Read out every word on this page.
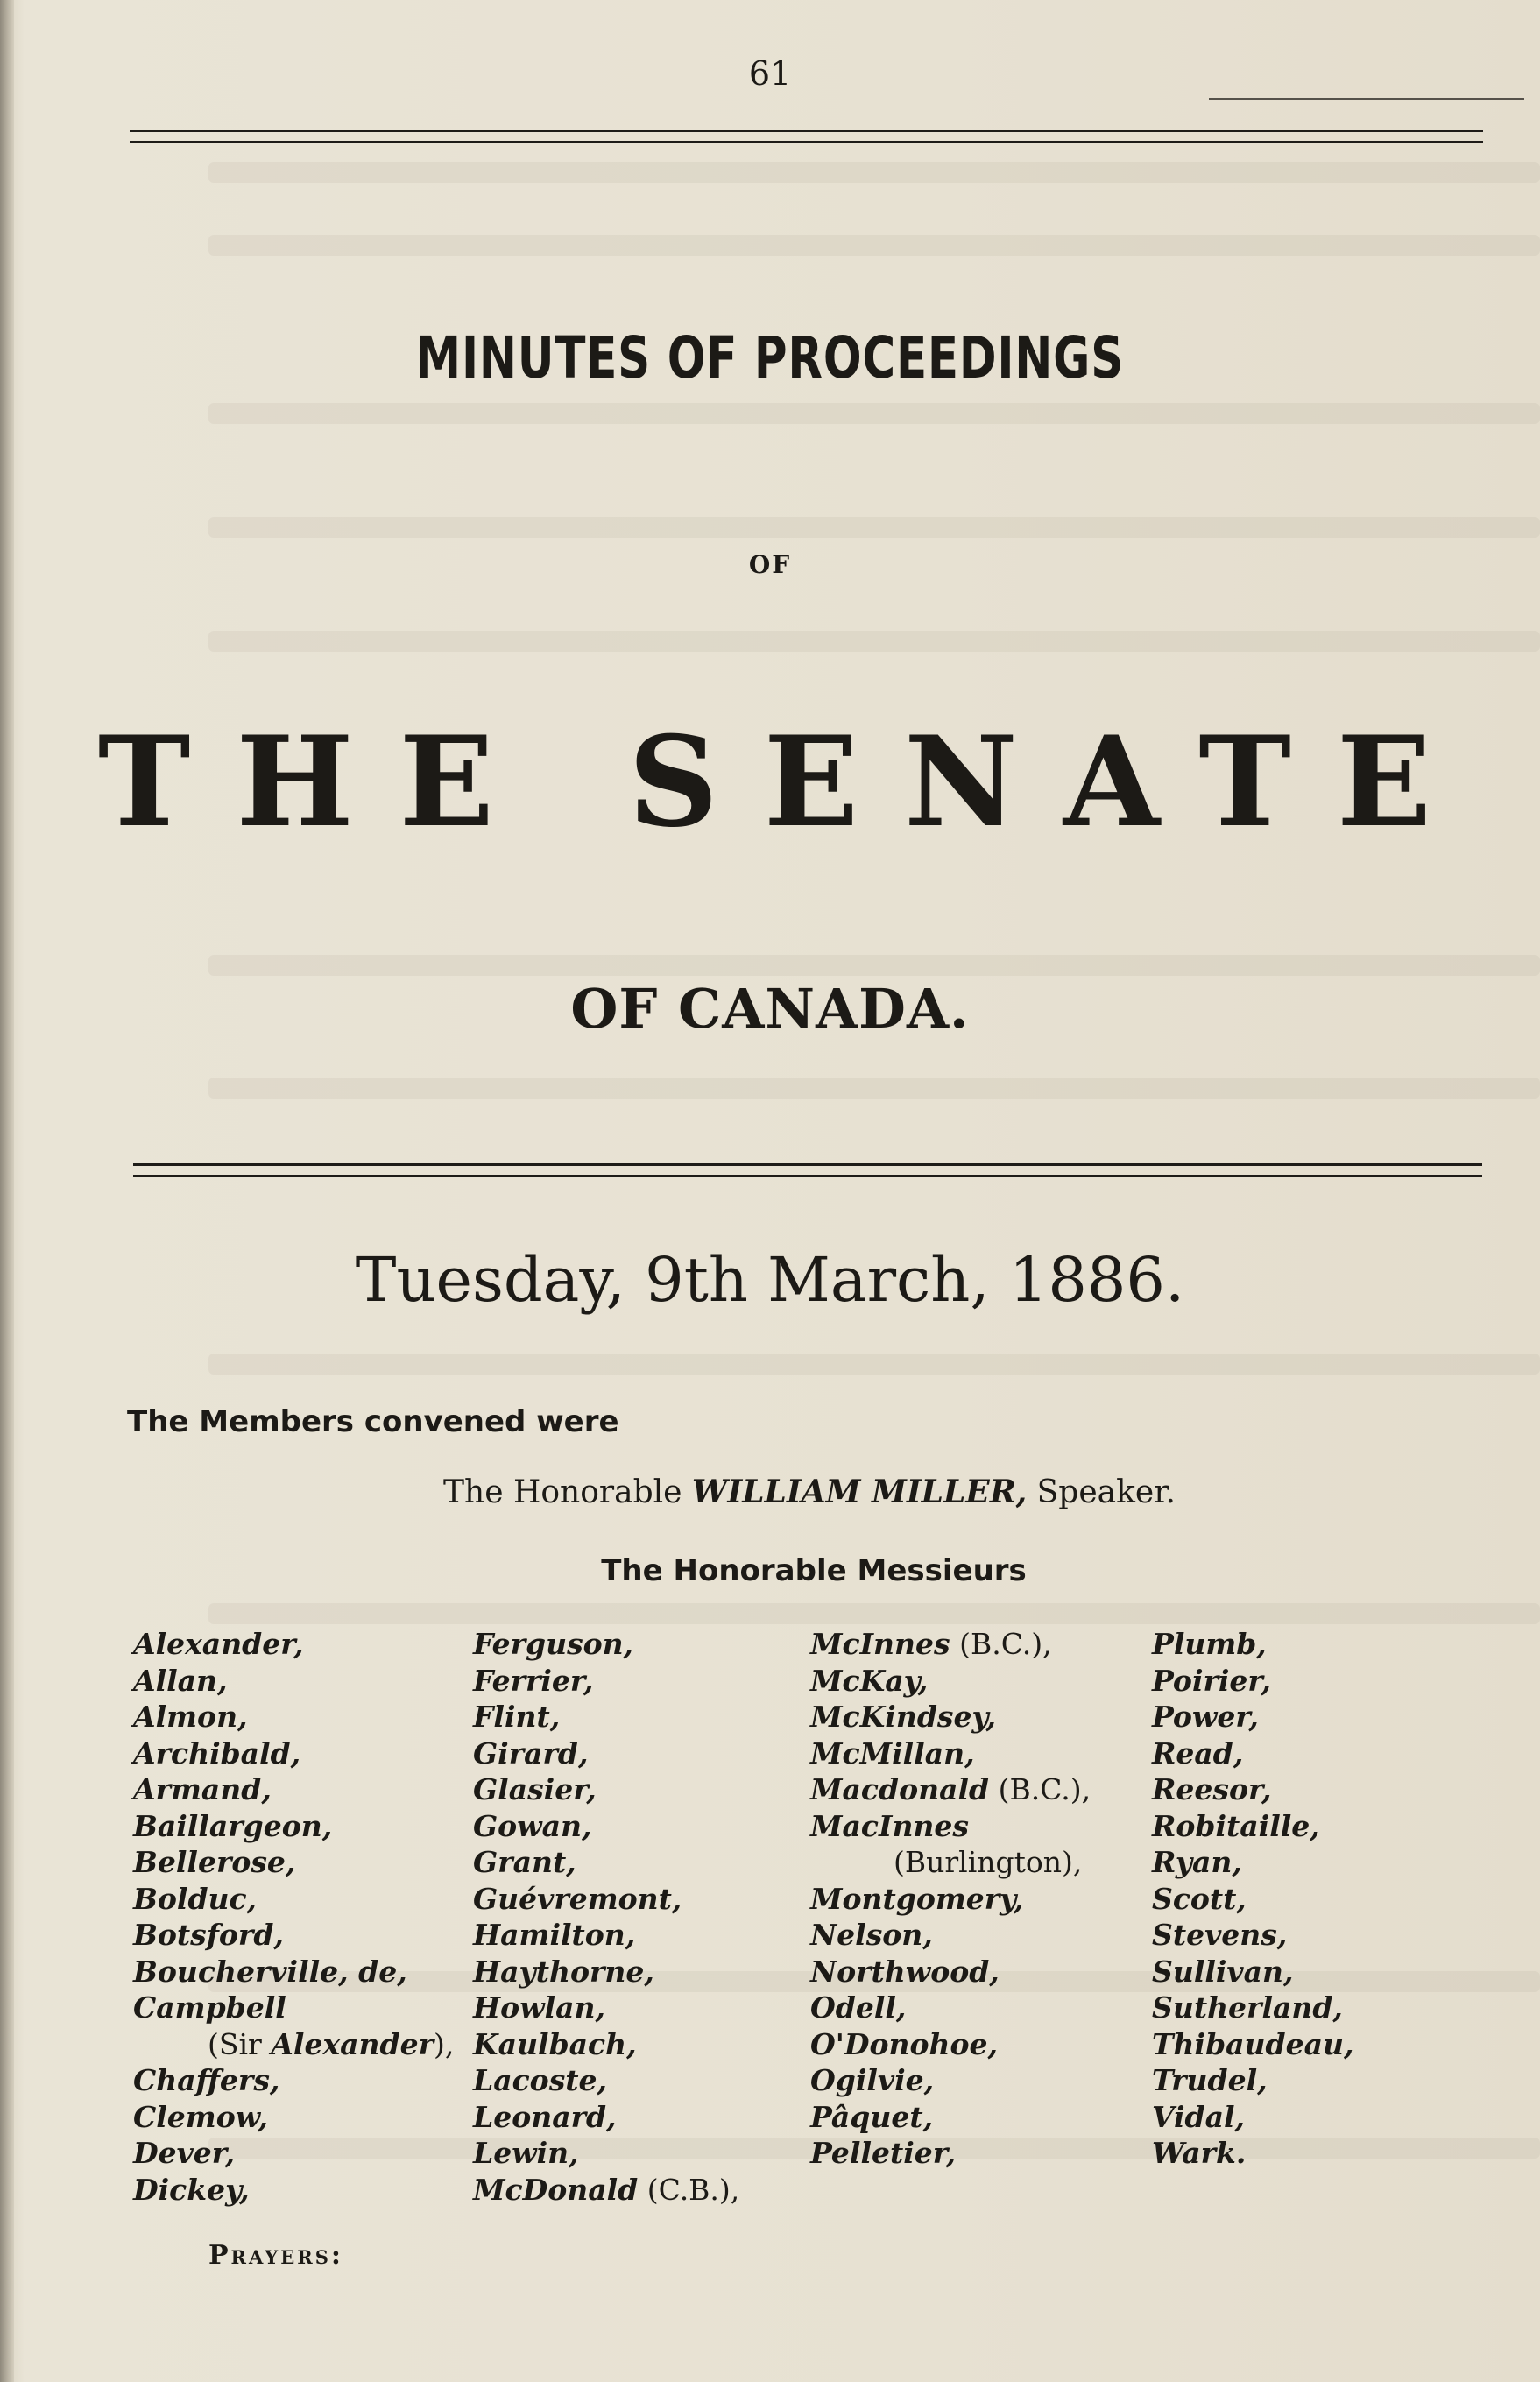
61
MINUTES OF PROCEEDINGS
OF
THE SENATE
OF CANADA.
Tuesday, 9th March, 1886.
The Members convened were
The Honorable WILLIAM MILLER, Speaker.
The Honorable Messieurs
Alexander,
Allan,
Almon,
Archibald,
Armand,
Baillargeon,
Bellerose,
Bolduc,
Botsford,
Boucherville, de,
Campbell
(Sir Alexander),
Chaffers,
Clemow,
Dever,
Dickey,
Ferguson,
Ferrier,
Flint,
Girard,
Glasier,
Gowan,
Grant,
Guévremont,
Hamilton,
Haythorne,
Howlan,
Kaulbach,
Lacoste,
Leonard,
Lewin,
McDonald (C.B.),
McInnes (B.C.),
McKay,
McKindsey,
McMillan,
Macdonald (B.C.),
MacInnes
(Burlington),
Montgomery,
Nelson,
Northwood,
Odell,
O'Donohoe,
Ogilvie,
Pâquet,
Pelletier,
Plumb,
Poirier,
Power,
Read,
Reesor,
Robitaille,
Ryan,
Scott,
Stevens,
Sullivan,
Sutherland,
Thibaudeau,
Trudel,
Vidal,
Wark.
Prayers:
